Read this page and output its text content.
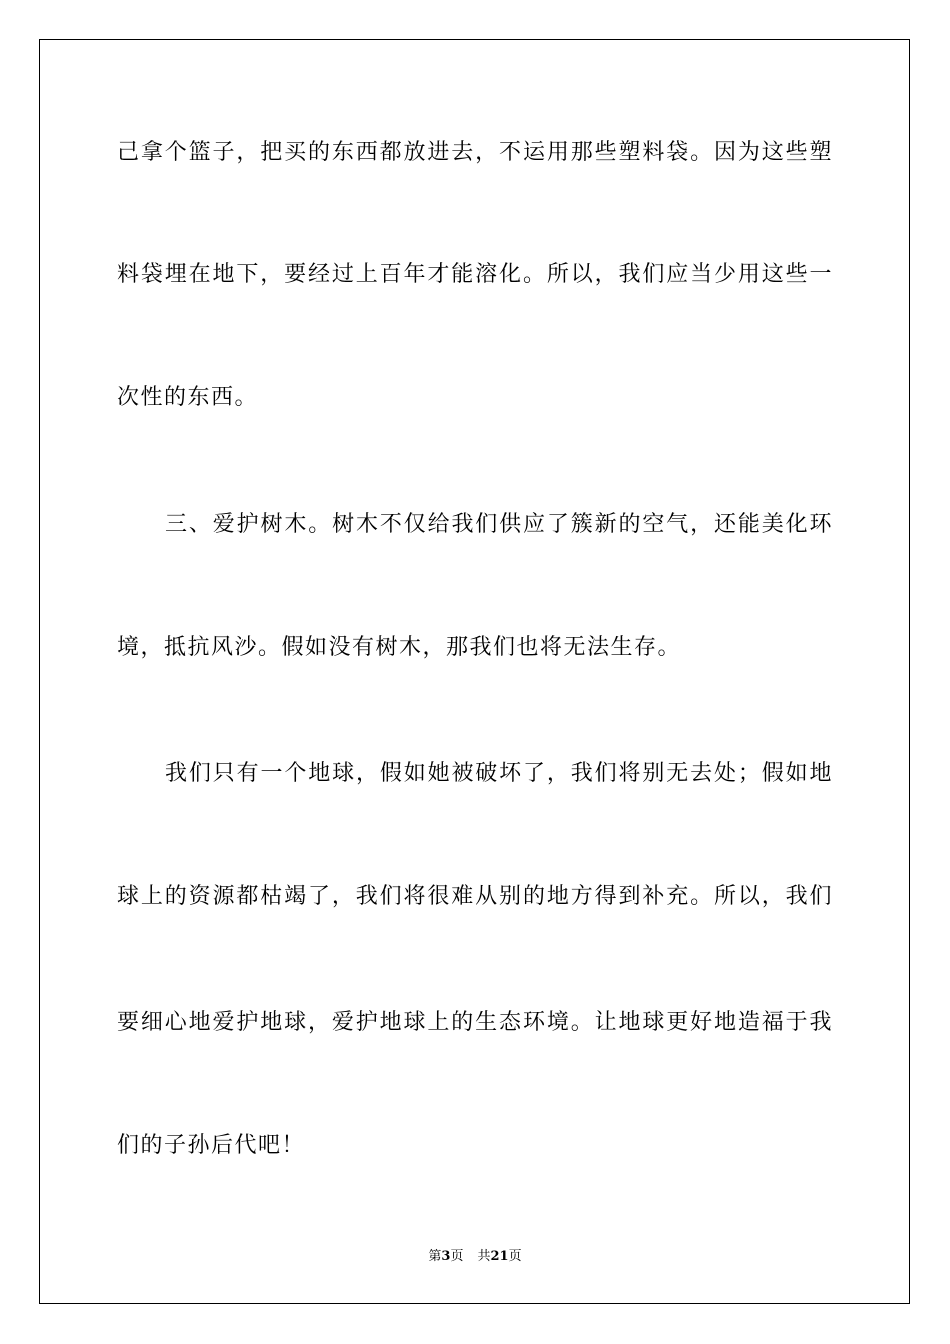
己拿个篮子，把买的东西都放进去，不运用那些塑料袋。因为这些塑
料袋埋在地下，要经过上百年才能溶化。所以，我们应当少用这些一
次性的东西。
三、爱护树木。树木不仅给我们供应了簇新的空气，还能美化环
境，抵抗风沙。假如没有树木，那我们也将无法生存。
我们只有一个地球，假如她被破坏了，我们将别无去处；假如地
球上的资源都枯竭了，我们将很难从别的地方得到补充。所以，我们
要细心地爱护地球，爱护地球上的生态环境。让地球更好地造福于我
们的子孙后代吧！
第3页 共21页
